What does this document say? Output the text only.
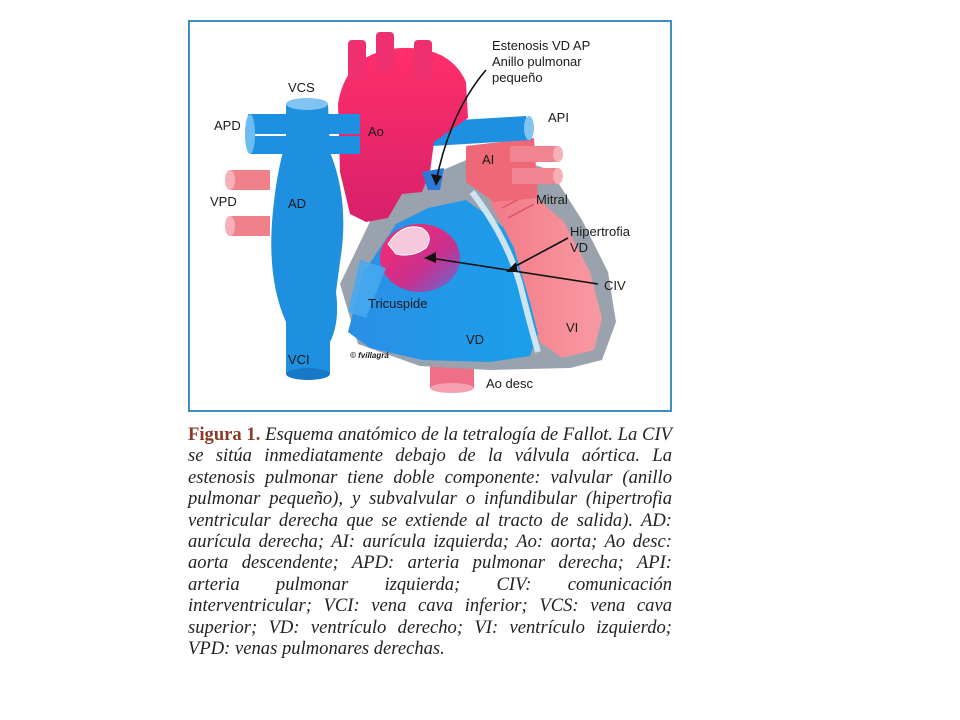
VCS
APD
VPD	AD
VCI
Ao
API
AI
Mitral
Tricuspide
VD
VI
CIV
Ao desc
Estenosis VD AP
Anillo pulmonar
pequeño
Hipertrofia
VD
© fvillagrá

Figura 1. Esquema anatómico de la tetralogía de Fallot. La CIV se sitúa inmediatamente debajo de la válvula aórtica. La estenosis pulmonar tiene doble componente: valvular (anillo pulmonar pequeño), y subvalvular o infundibular (hipertrofia ventricular derecha que se extiende al tracto de salida). AD: aurícula derecha; AI: aurícula izquierda; Ao: aorta; Ao desc: aorta descendente; APD: arteria pulmonar derecha; API: arteria pulmonar izquierda; CIV: comunicación interventricular; VCI: vena cava inferior; VCS: vena cava superior; VD: ventrículo derecho; VI: ventrículo izquierdo; VPD: venas pulmonares derechas.
